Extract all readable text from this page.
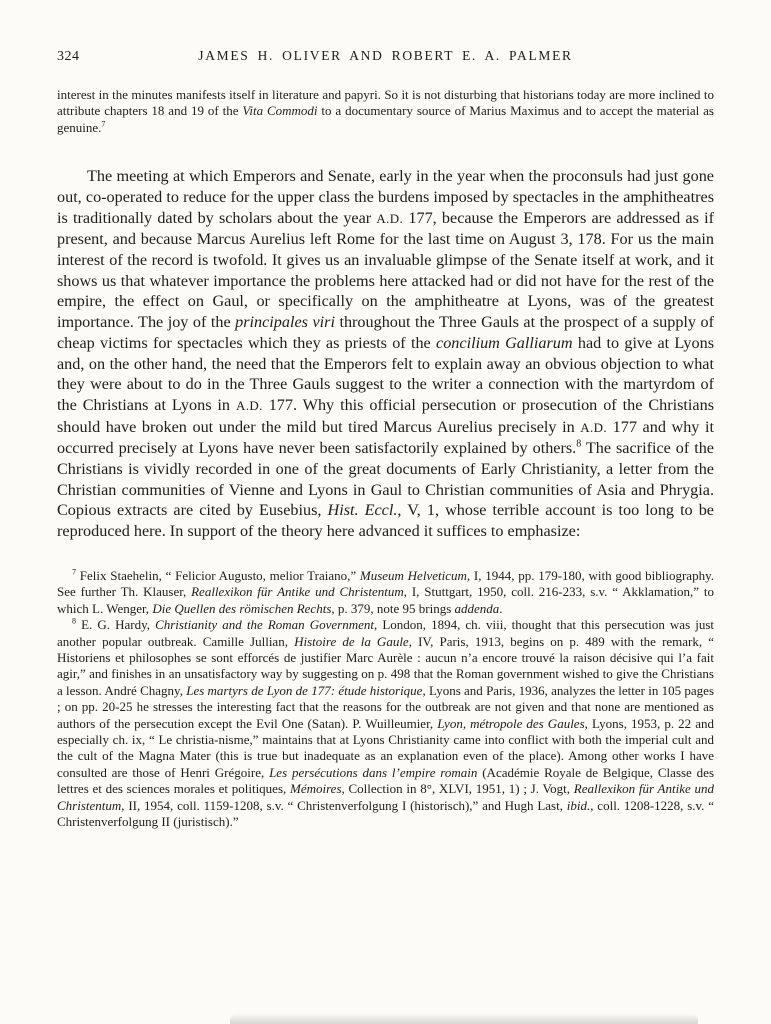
324	JAMES H. OLIVER AND ROBERT E. A. PALMER

interest in the minutes manifests itself in literature and papyri. So it is not disturbing that historians today are more inclined to attribute chapters 18 and 19 of the Vita Commodi to a documentary source of Marius Maximus and to accept the material as genuine.$^7$

The meeting at which Emperors and Senate, early in the year when the proconsuls had just gone out, co-operated to reduce for the upper class the burdens imposed by spectacles in the amphitheatres is traditionally dated by scholars about the year A.D. 177, because the Emperors are addressed as if present, and because Marcus Aurelius left Rome for the last time on August 3, 178. For us the main interest of the record is twofold. It gives us an invaluable glimpse of the Senate itself at work, and it shows us that whatever importance the problems here attacked had or did not have for the rest of the empire, the effect on Gaul, or specifically on the amphitheatre at Lyons, was of the greatest importance. The joy of the principales viri throughout the Three Gauls at the prospect of a supply of cheap victims for spectacles which they as priests of the concilium Galliarum had to give at Lyons and, on the other hand, the need that the Emperors felt to explain away an obvious objection to what they were about to do in the Three Gauls suggest to the writer a connection with the martyrdom of the Christians at Lyons in A.D. 177. Why this official persecution or prosecution of the Christians should have broken out under the mild but tired Marcus Aurelius precisely in A.D. 177 and why it occurred precisely at Lyons have never been satisfactorily explained by others.$^8$ The sacrifice of the Christians is vividly recorded in one of the great documents of Early Christianity, a letter from the Christian communities of Vienne and Lyons in Gaul to Christian communities of Asia and Phrygia. Copious extracts are cited by Eusebius, Hist. Eccl., V, 1, whose terrible account is too long to be reproduced here. In support of the theory here advanced it suffices to emphasize:

$^7$ Felix Staehelin, “ Felicior Augusto, melior Traiano,” Museum Helveticum, I, 1944, pp. 179-180, with good bibliography. See further Th. Klauser, Reallexikon für Antike und Christentum, I, Stuttgart, 1950, coll. 216-233, s.v. “ Akklamation,” to which L. Wenger, Die Quellen des römischen Rechts, p. 379, note 95 brings addenda.

$^8$ E. G. Hardy, Christianity and the Roman Government, London, 1894, ch. viii, thought that this persecution was just another popular outbreak. Camille Jullian, Histoire de la Gaule, IV, Paris, 1913, begins on p. 489 with the remark, “ Historiens et philosophes se sont efforcés de justifier Marc Aurèle : aucun n’a encore trouvé la raison décisive qui l’a fait agir,” and finishes in an unsatisfactory way by suggesting on p. 498 that the Roman government wished to give the Christians a lesson. André Chagny, Les martyrs de Lyon de 177: étude historique, Lyons and Paris, 1936, analyzes the letter in 105 pages ; on pp. 20-25 he stresses the interesting fact that the reasons for the outbreak are not given and that none are mentioned as authors of the persecution except the Evil One (Satan). P. Wuilleumier, Lyon, métropole des Gaules, Lyons, 1953, p. 22 and especially ch. ix, “ Le christia-nisme,” maintains that at Lyons Christianity came into conflict with both the imperial cult and the cult of the Magna Mater (this is true but inadequate as an explanation even of the place). Among other works I have consulted are those of Henri Grégoire, Les persécutions dans l’empire romain (Académie Royale de Belgique, Classe des lettres et des sciences morales et politiques, Mémoires, Collection in 8°, XLVI, 1951, 1) ; J. Vogt, Reallexikon für Antike und Christentum, II, 1954, coll. 1159-1208, s.v. “ Christenverfolgung I (historisch),” and Hugh Last, ibid., coll. 1208-1228, s.v. “ Christenverfolgung II (juristisch).”
